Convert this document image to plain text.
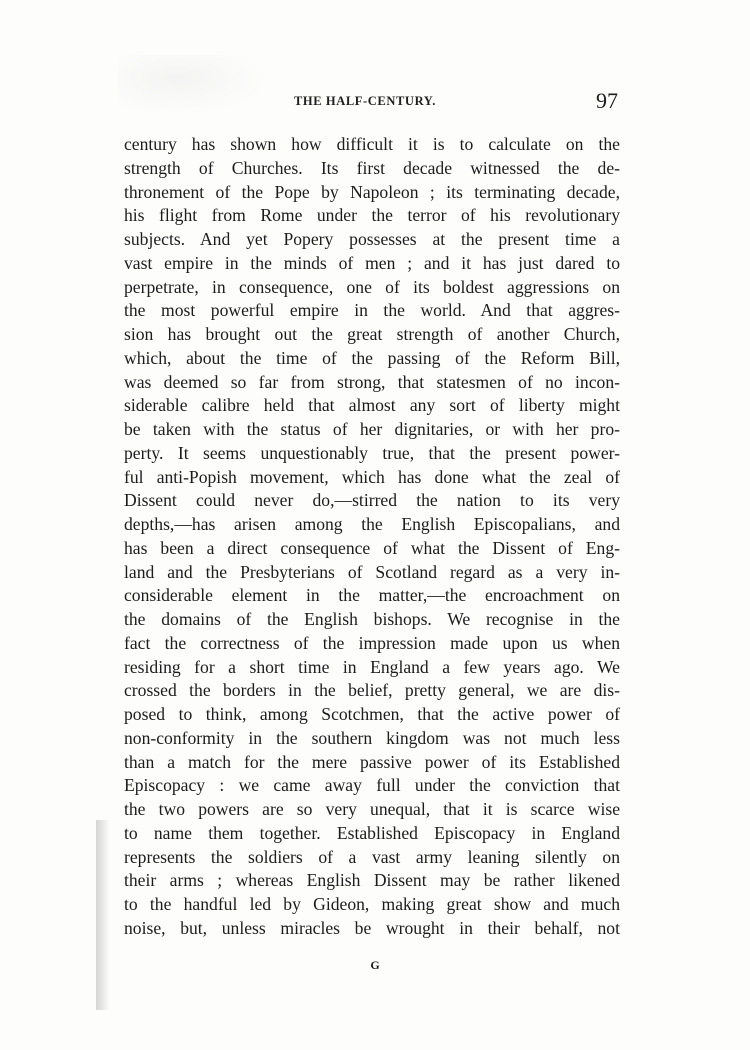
THE HALF-CENTURY.	97
century has shown how difficult it is to calculate on the
strength of Churches. Its first decade witnessed the de-
thronement of the Pope by Napoleon ; its terminating decade,
his flight from Rome under the terror of his revolutionary
subjects. And yet Popery possesses at the present time a
vast empire in the minds of men ; and it has just dared to
perpetrate, in consequence, one of its boldest aggressions on
the most powerful empire in the world. And that aggres-
sion has brought out the great strength of another Church,
which, about the time of the passing of the Reform Bill,
was deemed so far from strong, that statesmen of no incon-
siderable calibre held that almost any sort of liberty might
be taken with the status of her dignitaries, or with her pro-
perty. It seems unquestionably true, that the present power-
ful anti-Popish movement, which has done what the zeal of
Dissent could never do,—stirred the nation to its very
depths,—has arisen among the English Episcopalians, and
has been a direct consequence of what the Dissent of Eng-
land and the Presbyterians of Scotland regard as a very in-
considerable element in the matter,—the encroachment on
the domains of the English bishops. We recognise in the
fact the correctness of the impression made upon us when
residing for a short time in England a few years ago. We
crossed the borders in the belief, pretty general, we are dis-
posed to think, among Scotchmen, that the active power of
non-conformity in the southern kingdom was not much less
than a match for the mere passive power of its Established
Episcopacy : we came away full under the conviction that
the two powers are so very unequal, that it is scarce wise
to name them together. Established Episcopacy in England
represents the soldiers of a vast army leaning silently on
their arms ; whereas English Dissent may be rather likened
to the handful led by Gideon, making great show and much
noise, but, unless miracles be wrought in their behalf, not
G
